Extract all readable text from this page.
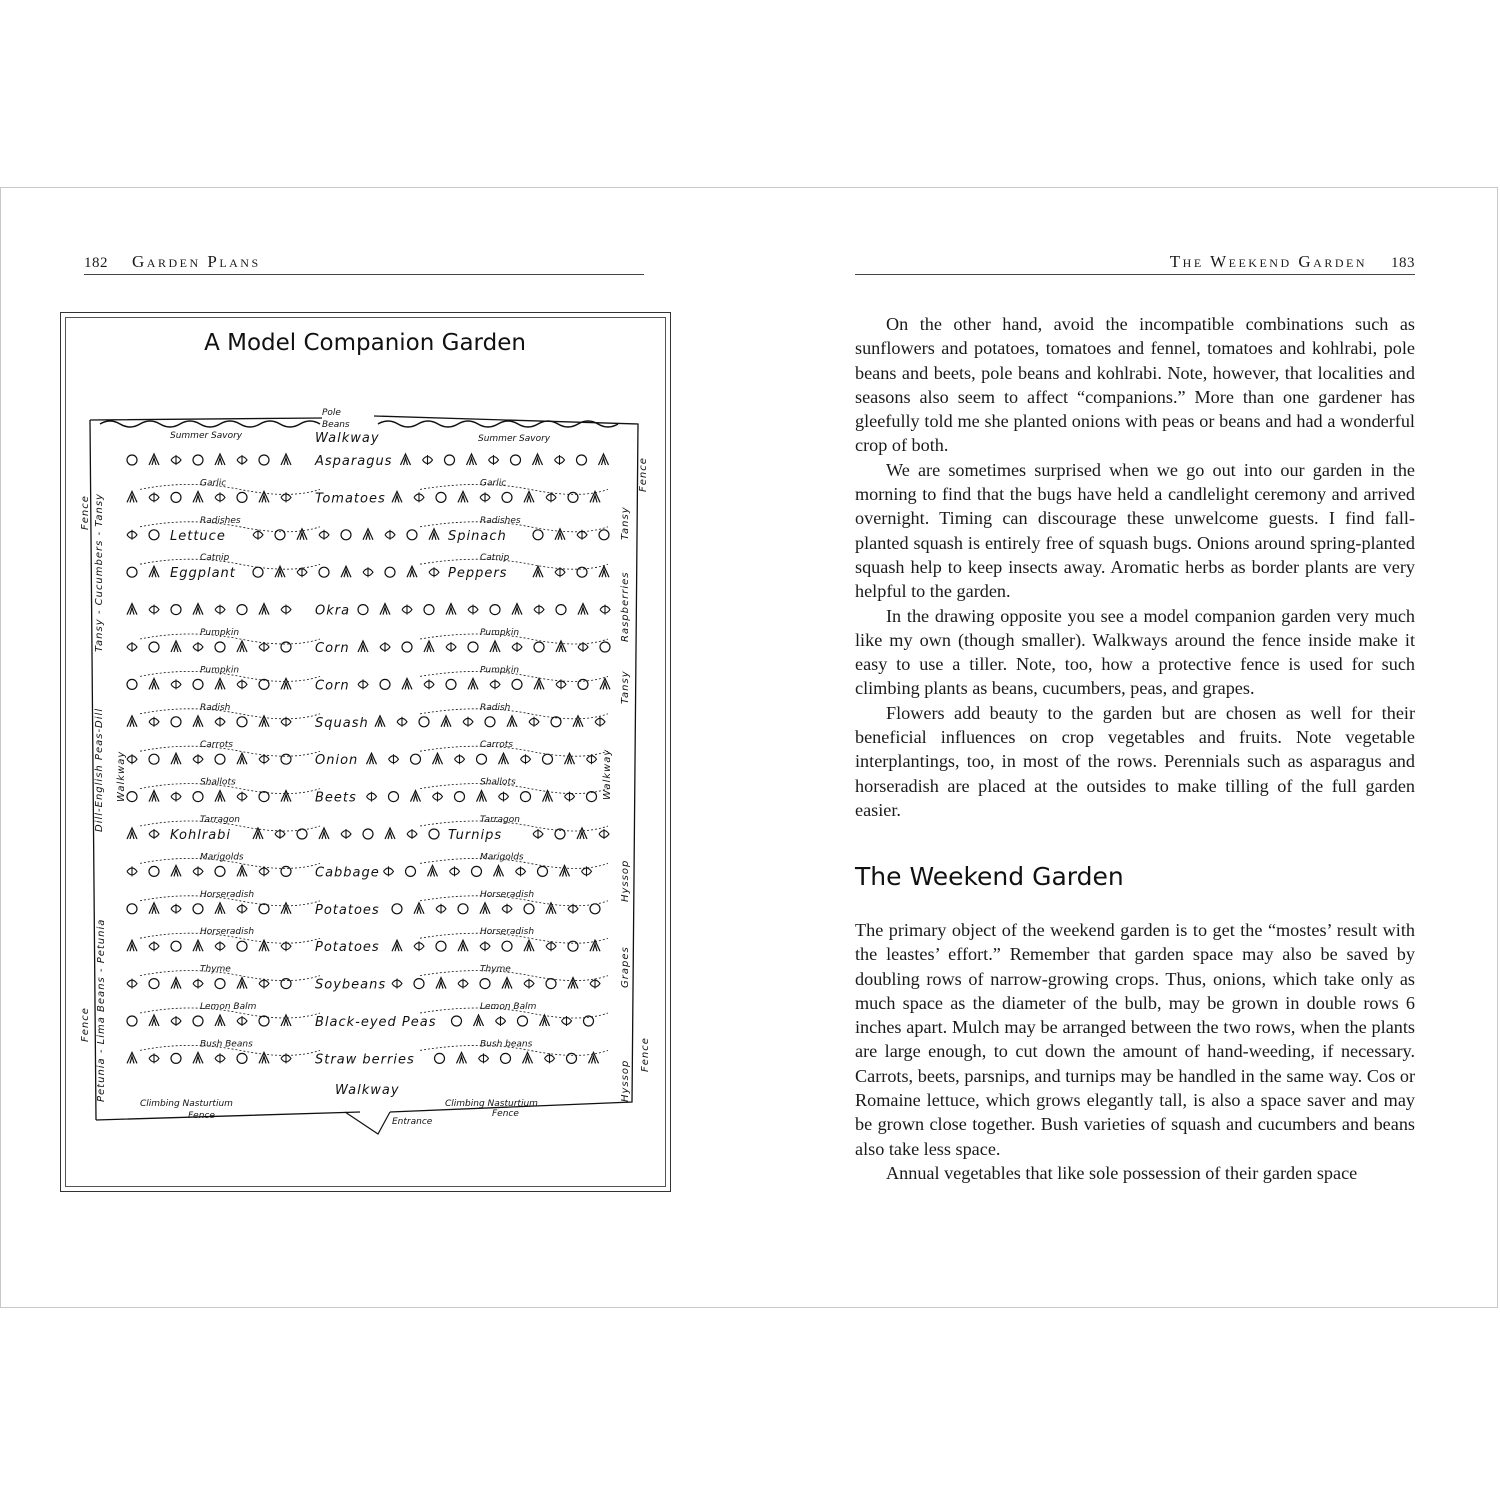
182 Garden Plans	The Weekend Garden 183
A Model Companion Garden
Pole
Beans
Summer Savory	Walkway	Summer Savory
Asparagus
Tomatoes
Garlic	Garlic
Lettuce	Spinach
Radishes	Radishes
Eggplant	Peppers
Catnip	Catnip
Okra
Corn
Pumpkin	Pumpkin
Corn
Pumpkin	Pumpkin
Squash
Radish	Radish
Onion
Carrots	Carrots
Beets
Shallots	Shallots
Kohlrabi	Turnips
Tarragon	Tarragon
Cabbage
Marigolds	Marigolds
Potatoes
Horseradish	Horseradish
Potatoes
Horseradish	Horseradish
Soybeans
Thyme	Thyme
Black-eyed Peas
Lemon Balm	Lemon Balm
Straw berries
Bush Beans	Bush beans
Walkway
Climbing Nasturtium	Climbing Nasturtium
Fence	Fence
Entrance
Fence Tansy - Cucumbers - Tansy
Dill-English Peas-Dill Walkway
Petunia - Lima Beans - Petunia
Fence
Fence
Tansy
Raspberries
Tansy
Walkway
Hyssop
Grapes
Fence
Hyssop

On the other hand, avoid the incompatible combinations such as sunflowers and potatoes, tomatoes and fennel, tomatoes and kohlrabi, pole beans and beets, pole beans and kohlrabi. Note, however, that localities and seasons also seem to affect “companions.” More than one gardener has gleefully told me she planted onions with peas or beans and had a wonderful crop of both.

We are sometimes surprised when we go out into our garden in the morning to find that the bugs have held a candlelight ceremony and arrived overnight. Timing can discourage these unwelcome guests. I find fall-planted squash is entirely free of squash bugs. Onions around spring-planted squash help to keep insects away. Aromatic herbs as border plants are very helpful to the garden.

In the drawing opposite you see a model companion garden very much like my own (though smaller). Walkways around the fence inside make it easy to use a tiller. Note, too, how a protective fence is used for such climbing plants as beans, cucumbers, peas, and grapes.

Flowers add beauty to the garden but are chosen as well for their beneficial influences on crop vegetables and fruits. Note vegetable interplantings, too, in most of the rows. Perennials such as asparagus and horseradish are placed at the outsides to make tilling of the full garden easier.

The Weekend Garden

The primary object of the weekend garden is to get the “mostes’ result with the leastes’ effort.” Remember that garden space may also be saved by doubling rows of narrow-growing crops. Thus, onions, which take only as much space as the diameter of the bulb, may be grown in double rows 6 inches apart. Mulch may be arranged between the two rows, when the plants are large enough, to cut down the amount of hand-weeding, if necessary. Carrots, beets, parsnips, and turnips may be handled in the same way. Cos or Romaine lettuce, which grows elegantly tall, is also a space saver and may be grown close together. Bush varieties of squash and cucumbers and beans also take less space.

Annual vegetables that like sole possession of their garden space
